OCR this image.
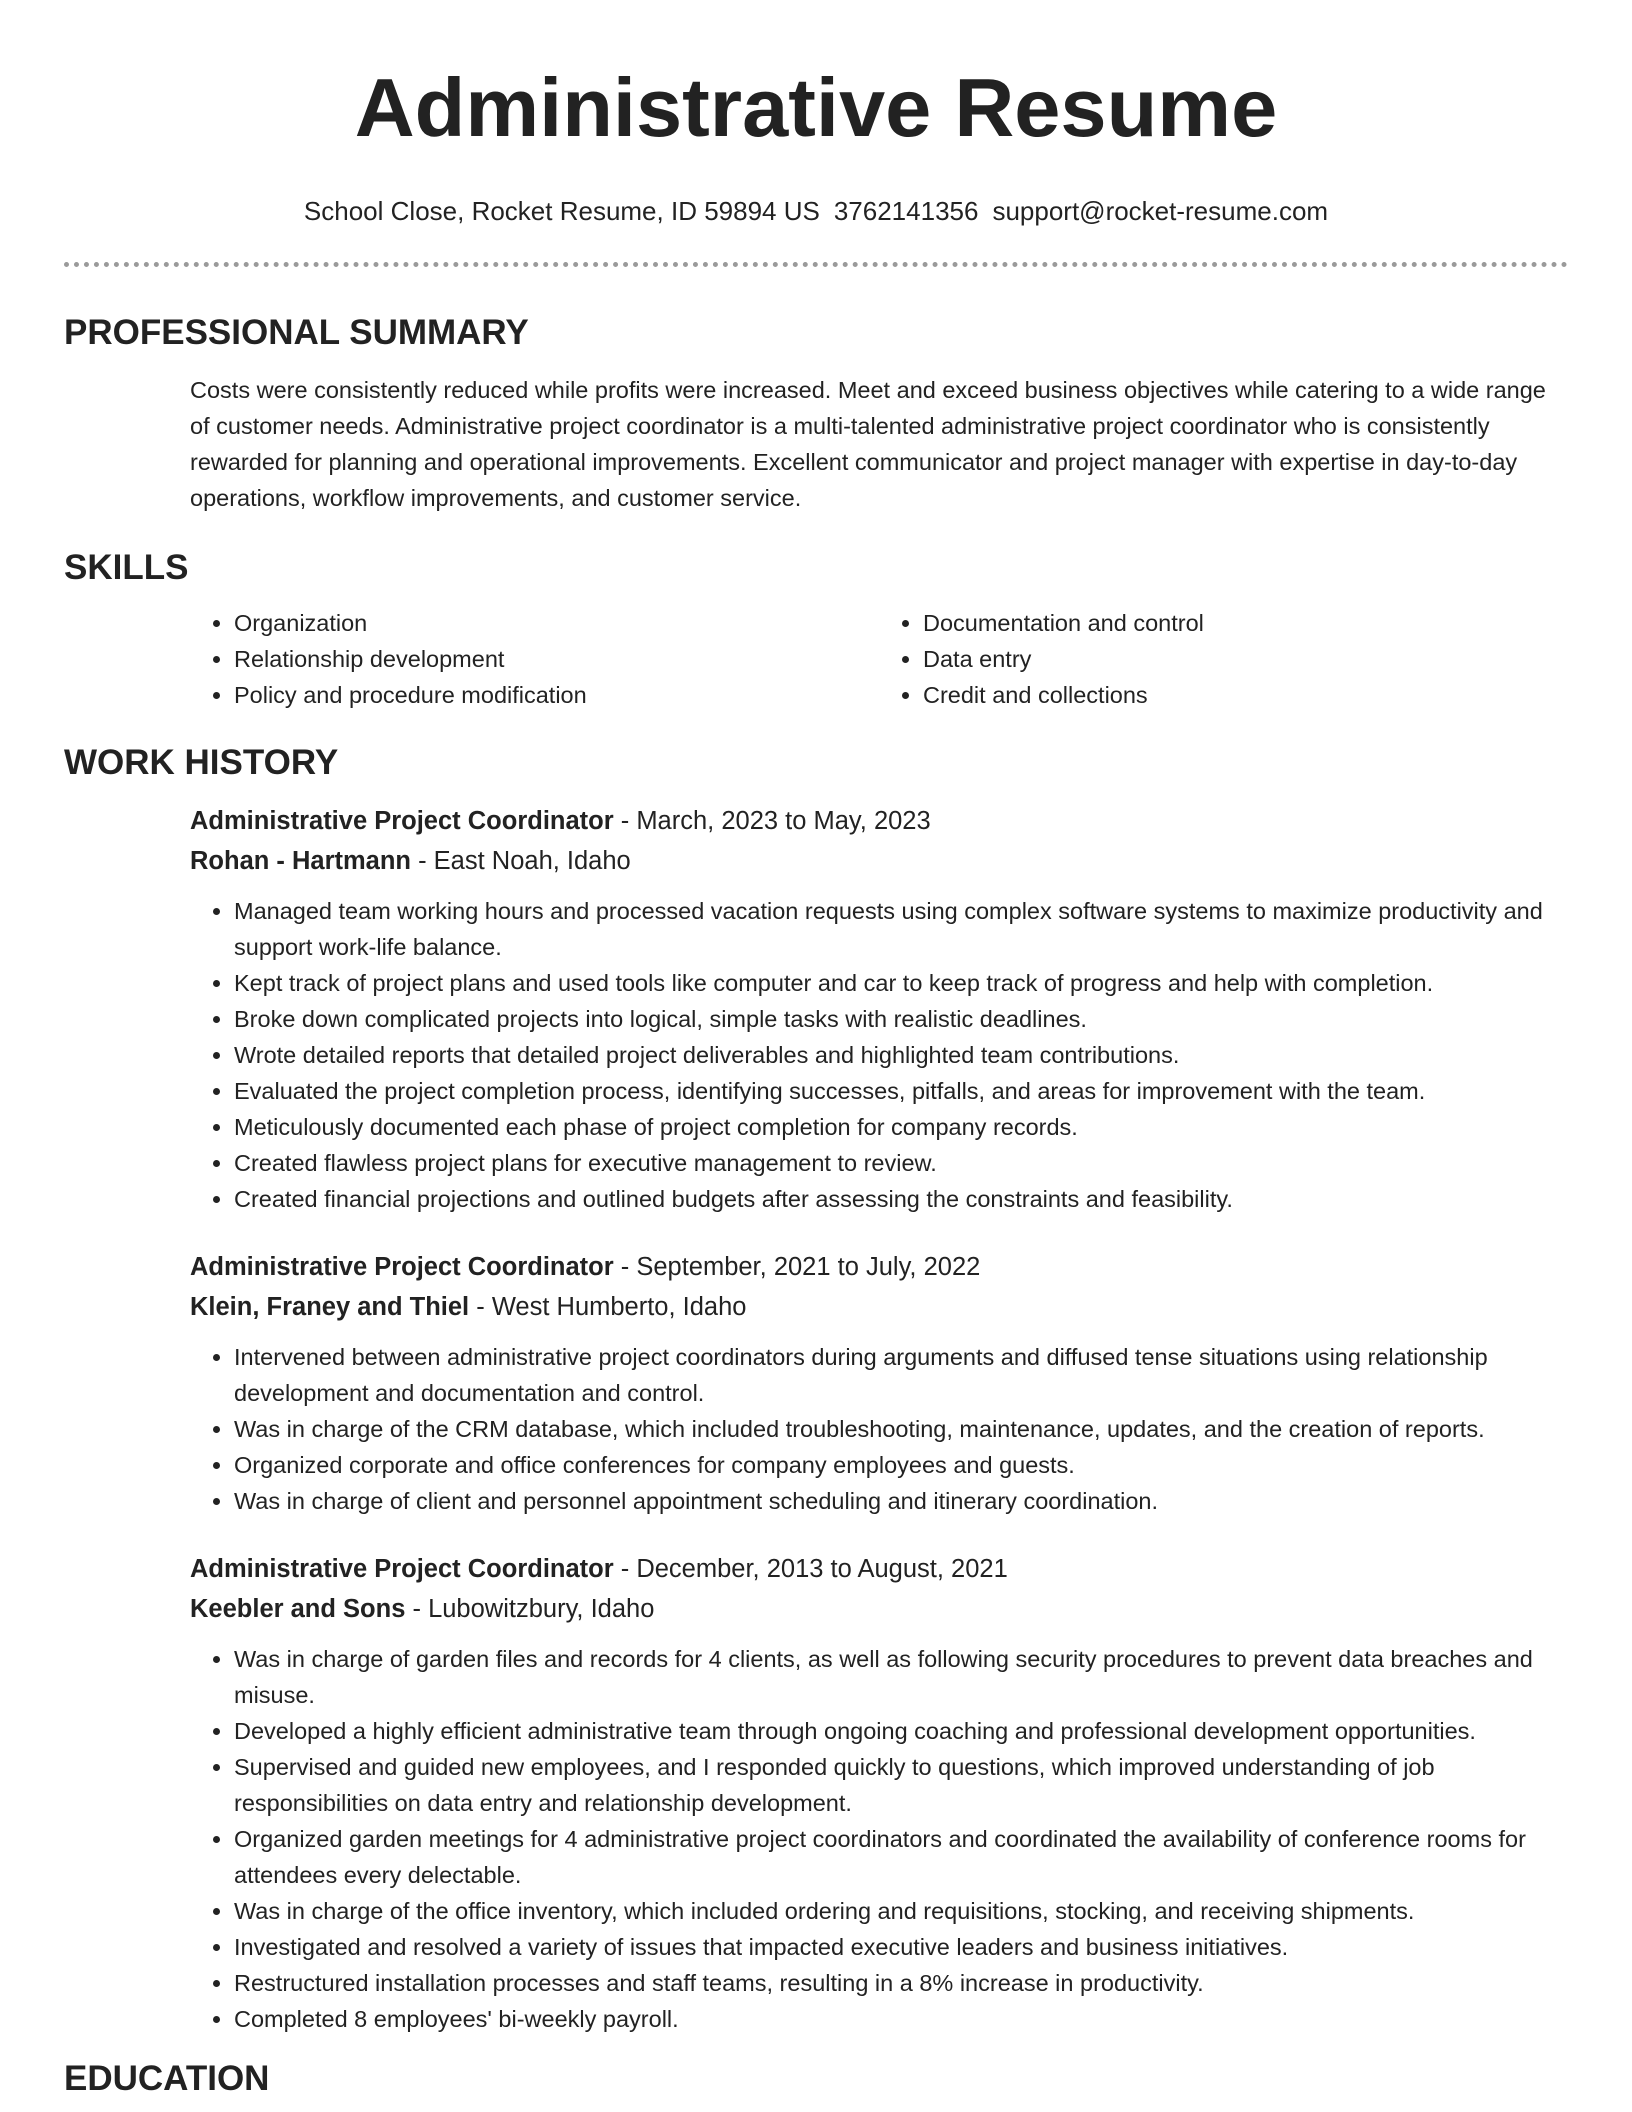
Administrative Resume
School Close, Rocket Resume, ID 59894 US 3762141356 support@rocket-resume.com
PROFESSIONAL SUMMARY

Costs were consistently reduced while profits were increased. Meet and exceed business objectives while catering to a wide range of customer needs. Administrative project coordinator is a multi-talented administrative project coordinator who is consistently rewarded for planning and operational improvements. Excellent communicator and project manager with expertise in day-to-day operations, workflow improvements, and customer service.

SKILLS
• Organization
• Relationship development
• Policy and procedure modification
• Documentation and control
• Data entry
• Credit and collections
WORK HISTORY
Administrative Project Coordinator - March, 2023 to May, 2023
Rohan - Hartmann - East Noah, Idaho
• Managed team working hours and processed vacation requests using complex software systems to maximize productivity and support work-life balance.
• Kept track of project plans and used tools like computer and car to keep track of progress and help with completion.
• Broke down complicated projects into logical, simple tasks with realistic deadlines.
• Wrote detailed reports that detailed project deliverables and highlighted team contributions.
• Evaluated the project completion process, identifying successes, pitfalls, and areas for improvement with the team.
• Meticulously documented each phase of project completion for company records.
• Created flawless project plans for executive management to review.
• Created financial projections and outlined budgets after assessing the constraints and feasibility.
Administrative Project Coordinator - September, 2021 to July, 2022
Klein, Franey and Thiel - West Humberto, Idaho
• Intervened between administrative project coordinators during arguments and diffused tense situations using relationship development and documentation and control.
• Was in charge of the CRM database, which included troubleshooting, maintenance, updates, and the creation of reports.
• Organized corporate and office conferences for company employees and guests.
• Was in charge of client and personnel appointment scheduling and itinerary coordination.
Administrative Project Coordinator - December, 2013 to August, 2021
Keebler and Sons - Lubowitzbury, Idaho
• Was in charge of garden files and records for 4 clients, as well as following security procedures to prevent data breaches and misuse.
• Developed a highly efficient administrative team through ongoing coaching and professional development opportunities.
• Supervised and guided new employees, and I responded quickly to questions, which improved understanding of job responsibilities on data entry and relationship development.
• Organized garden meetings for 4 administrative project coordinators and coordinated the availability of conference rooms for attendees every delectable.
• Was in charge of the office inventory, which included ordering and requisitions, stocking, and receiving shipments.
• Investigated and resolved a variety of issues that impacted executive leaders and business initiatives.
• Restructured installation processes and staff teams, resulting in a 8% increase in productivity.
• Completed 8 employees' bi-weekly payroll.
EDUCATION
